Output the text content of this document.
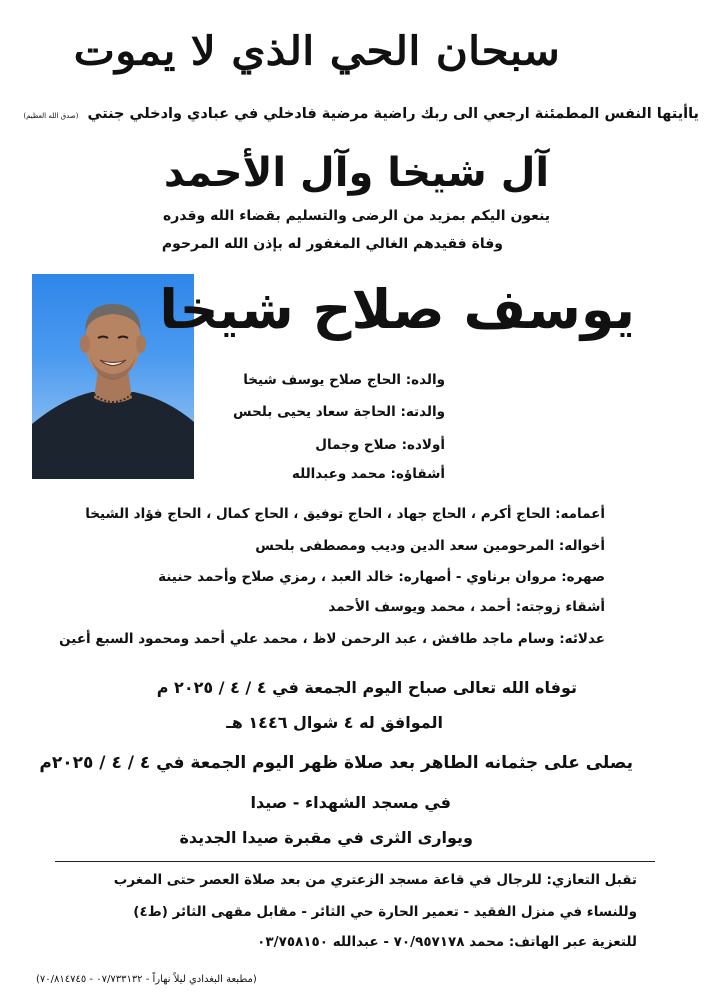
سبحان الحي الذي لا يموت
ياأيتها النفس المطمئنة ارجعي الى ربك راضية مرضية فادخلي في عبادي وادخلي جنتي (صدق الله العظيم)
آل شيخا وآل الأحمد
ينعون اليكم بمزيد من الرضى والتسليم بقضاء الله وقدره
وفاة فقيدهم الغالي المغفور له بإذن الله المرحوم
يوسف صلاح شيخا
والده: الحاج صلاح يوسف شيخا
والدته: الحاجة سعاد يحيى بلحس
أولاده: صلاح وجمال
أشقاؤه: محمد وعبدالله
أعمامه: الحاج أكرم ، الحاج جهاد ، الحاج توفيق ، الحاج كمال ، الحاج فؤاد الشيخا
أخواله: المرحومين سعد الدين وديب ومصطفى بلحس
صهره: مروان برناوي - أصهاره: خالد العبد ، رمزي صلاح وأحمد حنينة
أشقاء زوجته: أحمد ، محمد ويوسف الأحمد
عدلائه: وسام ماجد طافش ، عبد الرحمن لاظ ، محمد علي أحمد ومحمود السبع أعين
توفاه الله تعالى صباح اليوم الجمعة في ٤ / ٤ / ٢٠٢٥ م
الموافق له ٤ شوال ١٤٤٦ هـ
يصلى على جثمانه الطاهر بعد صلاة ظهر اليوم الجمعة في ٤ / ٤ / ٢٠٢٥م
في مسجد الشهداء - صيدا
ويوارى الثرى في مقبرة صيدا الجديدة
تقبل التعازي: للرجال في قاعة مسجد الزعتري من بعد صلاة العصر حتى المغرب
وللنساء في منزل الفقيد - تعمير الحارة حي الثائر - مقابل مقهى الثائر (ط٤)
للتعزية عبر الهاتف: محمد ٧٠/٩٥٧١٧٨ - عبدالله ٠٣/٧٥٨١٥٠
(مطبعة البغدادي ليلاً نهاراً - ٠٧/٧٣٣١٣٢ - ٧٠/٨١٤٧٤٥)
